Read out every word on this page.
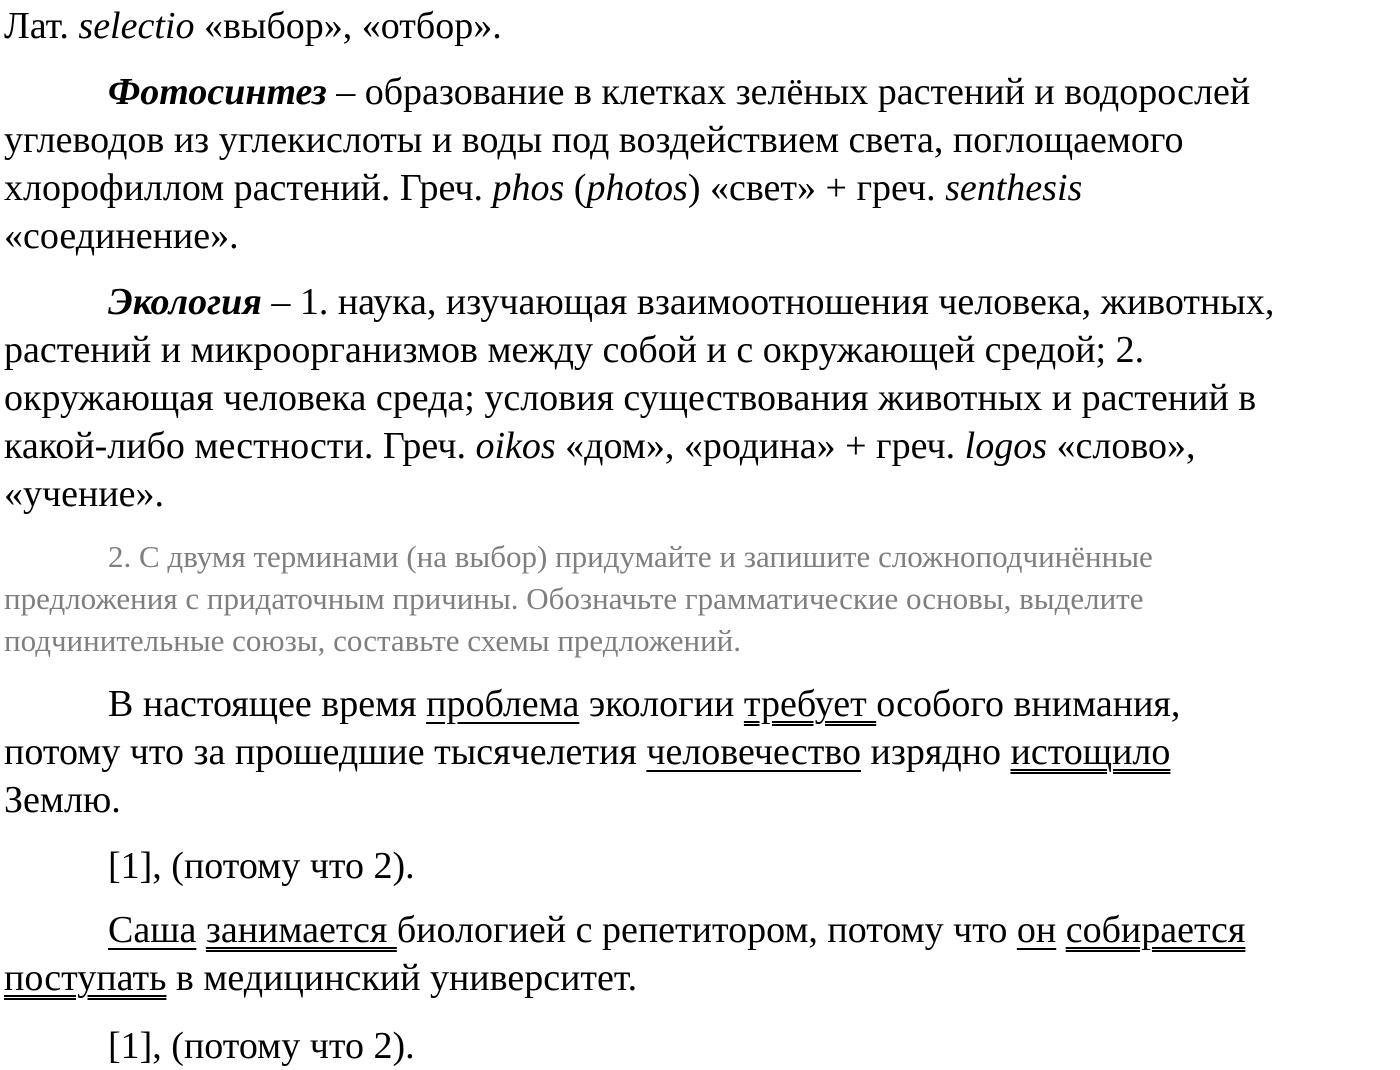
Лат. selectio «выбор», «отбор».
Фотосинтез – образование в клетках зелёных растений и водорослей
углеводов из углекислоты и воды под воздействием света, поглощаемого
хлорофиллом растений. Греч. phos (photos) «свет» + греч. senthesis
«соединение».
Экология – 1. наука, изучающая взаимоотношения человека, животных,
растений и микроорганизмов между собой и с окружающей средой; 2.
окружающая человека среда; условия существования животных и растений в
какой-либо местности. Греч. oikos «дом», «родина» + греч. logos «слово»,
«учение».
2. С двумя терминами (на выбор) придумайте и запишите сложноподчинённые
предложения с придаточным причины. Обозначьте грамматические основы, выделите
подчинительные союзы, составьте схемы предложений.
В настоящее время проблема экологии требует особого внимания,
потому что за прошедшие тысячелетия человечество изрядно истощило
Землю.
[1], (потому что 2).
Саша занимается биологией с репетитором, потому что он собирается
поступать в медицинский университет.
[1], (потому что 2).
